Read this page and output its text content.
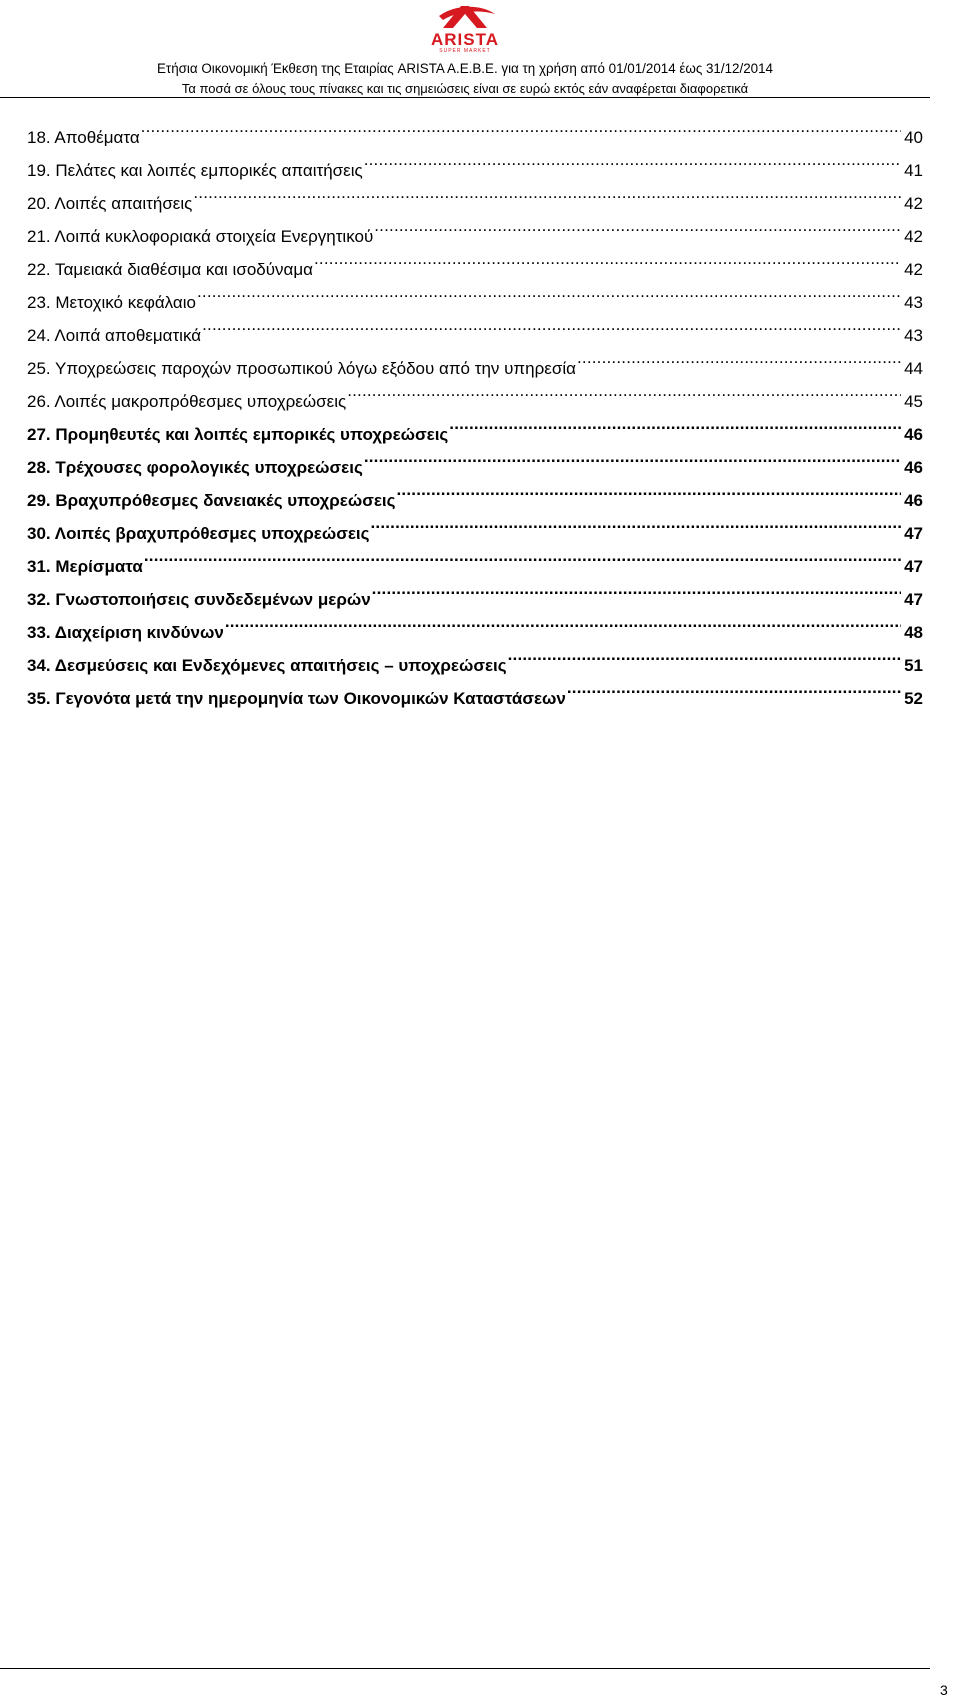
ARISTA
SUPER MARKET
Ετήσια Οικονομική Έκθεση της Εταιρίας ARISTA A.E.B.E. για τη χρήση από 01/01/2014 έως 31/12/2014
Τα ποσά σε όλους τους πίνακες και τις σημειώσεις είναι σε ευρώ εκτός εάν αναφέρεται διαφορετικά
18. Αποθέματα .....	40
19. Πελάτες και λοιπές εμπορικές απαιτήσεις .....	41
20. Λοιπές απαιτήσεις .....	42
21. Λοιπά κυκλοφοριακά στοιχεία Ενεργητικού .....	42
22. Ταμειακά διαθέσιμα και ισοδύναμα .....	42
23. Μετοχικό κεφάλαιο .....	43
24. Λοιπά αποθεματικά .....	43
25. Υποχρεώσεις παροχών προσωπικού λόγω εξόδου από την υπηρεσία .....	44
26. Λοιπές μακροπρόθεσμες υποχρεώσεις .....	45
27. Προμηθευτές και λοιπές εμπορικές υποχρεώσεις .....	46
28. Τρέχουσες φορολογικές υποχρεώσεις .....	46
29. Βραχυπρόθεσμες δανειακές υποχρεώσεις .....	46
30. Λοιπές βραχυπρόθεσμες υποχρεώσεις .....	47
31. Μερίσματα .....	47
32. Γνωστοποιήσεις συνδεδεμένων μερών .....	47
33. Διαχείριση κινδύνων .....	48
34. Δεσμεύσεις και Ενδεχόμενες απαιτήσεις – υποχρεώσεις .....	51
35. Γεγονότα μετά την ημερομηνία των Οικονομικών Καταστάσεων .....	52
3
